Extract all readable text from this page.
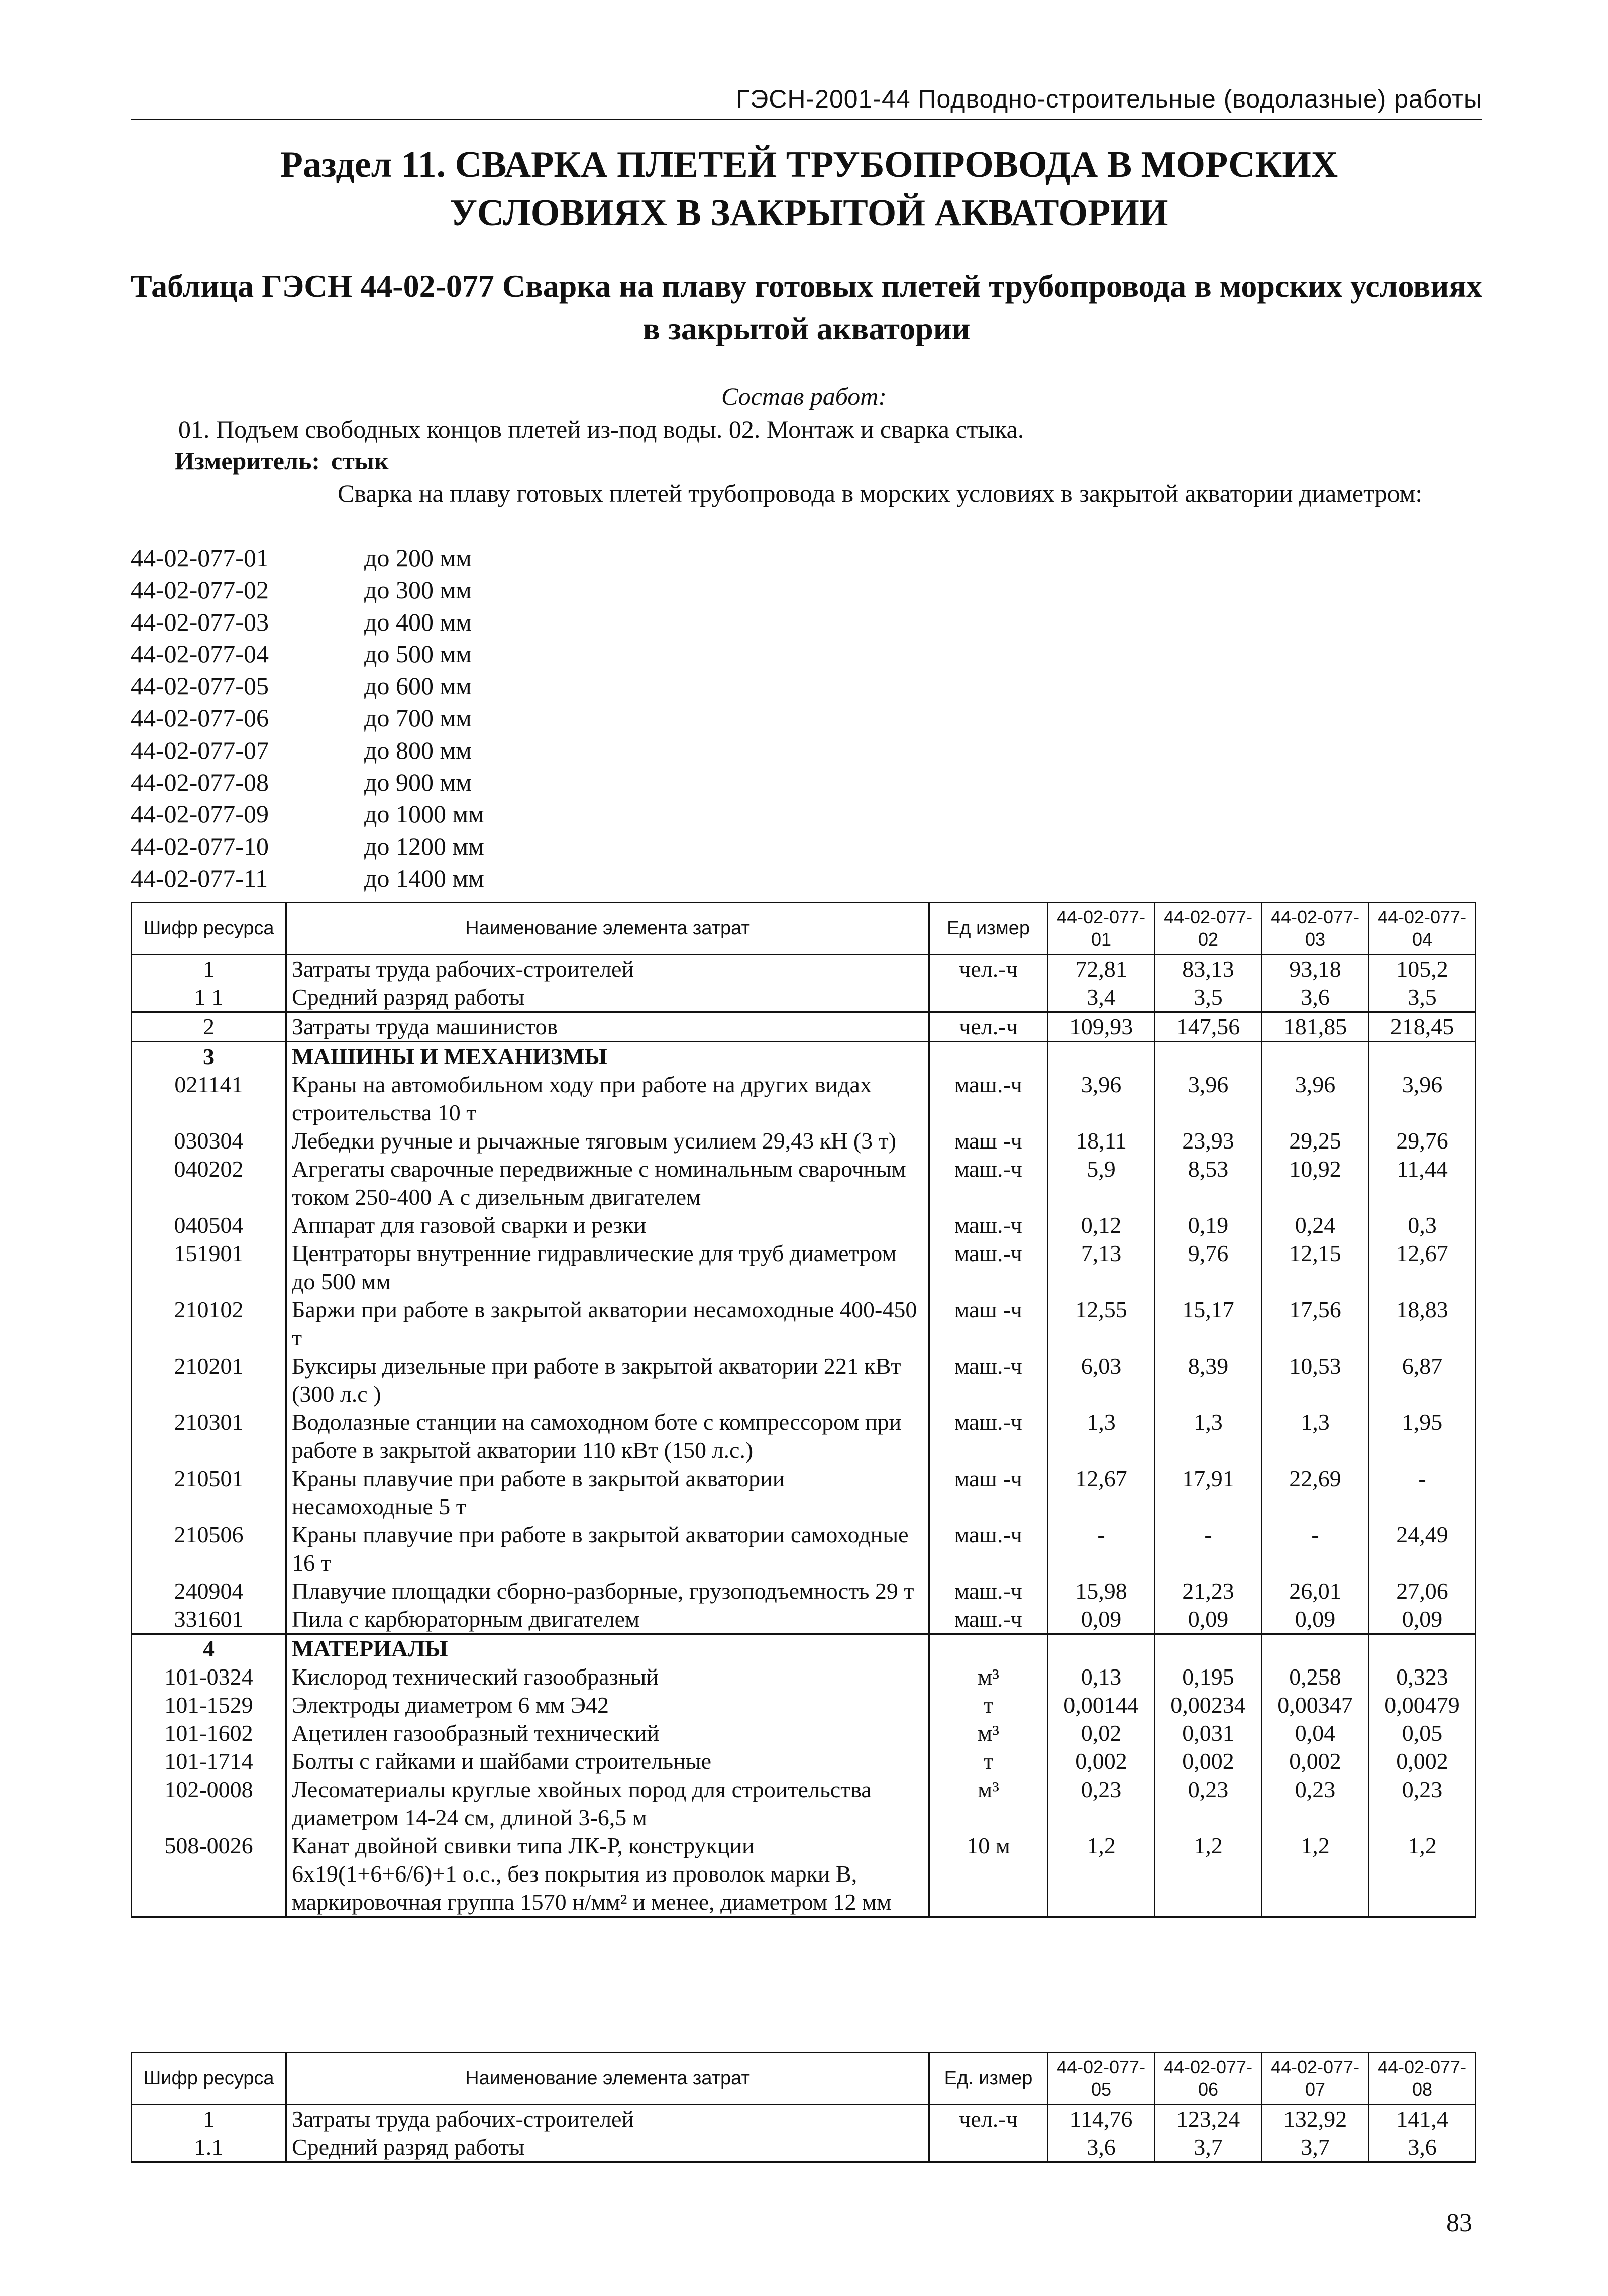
ГЭСН-2001-44 Подводно-строительные (водолазные) работы
Раздел 11. СВАРКА ПЛЕТЕЙ ТРУБОПРОВОДА В МОРСКИХ УСЛОВИЯХ В ЗАКРЫТОЙ АКВАТОРИИ
Таблица ГЭСН 44-02-077 Сварка на плаву готовых плетей трубопровода в морских условиях в закрытой акватории
Состав работ:
01. Подъем свободных концов плетей из-под воды. 02. Монтаж и сварка стыка.
Измеритель: стык
Сварка на плаву готовых плетей трубопровода в морских условиях в закрытой акватории диаметром:
44-02-077-01	до 200 мм
44-02-077-02	до 300 мм
44-02-077-03	до 400 мм
44-02-077-04	до 500 мм
44-02-077-05	до 600 мм
44-02-077-06	до 700 мм
44-02-077-07	до 800 мм
44-02-077-08	до 900 мм
44-02-077-09	до 1000 мм
44-02-077-10	до 1200 мм
44-02-077-11	до 1400 мм
Шифр ресурса	Наименование элемента затрат	Ед измер	44-02-077-01	44-02-077-02	44-02-077-03	44-02-077-04
1	Затраты труда рабочих-строителей	чел.-ч	72,81	83,13	93,18	105,2
1 1	Средний разряд работы		3,4	3,5	3,6	3,5
2	Затраты труда машинистов	чел.-ч	109,93	147,56	181,85	218,45
3	МАШИНЫ И МЕХАНИЗМЫ					
021141	Краны на автомобильном ходу при работе на других видах строительства 10 т	маш.-ч	3,96	3,96	3,96	3,96
030304	Лебедки ручные и рычажные тяговым усилием 29,43 кН (3 т)	маш -ч	18,11	23,93	29,25	29,76
040202	Агрегаты сварочные передвижные с номинальным сварочным током 250-400 А с дизельным двигателем	маш.-ч	5,9	8,53	10,92	11,44
040504	Аппарат для газовой сварки и резки	маш.-ч	0,12	0,19	0,24	0,3
151901	Центраторы внутренние гидравлические для труб диаметром до 500 мм	маш.-ч	7,13	9,76	12,15	12,67
210102	Баржи при работе в закрытой акватории несамоходные 400-450 т	маш -ч	12,55	15,17	17,56	18,83
210201	Буксиры дизельные при работе в закрытой акватории 221 кВт (300 л.с )	маш.-ч	6,03	8,39	10,53	6,87
210301	Водолазные станции на самоходном боте с компрессором при работе в закрытой акватории 110 кВт (150 л.с.)	маш.-ч	1,3	1,3	1,3	1,95
210501	Краны плавучие при работе в закрытой акватории несамоходные 5 т	маш -ч	12,67	17,91	22,69	-
210506	Краны плавучие при работе в закрытой акватории самоходные 16 т	маш.-ч	-	-	-	24,49
240904	Плавучие площадки сборно-разборные, грузоподъемность 29 т	маш.-ч	15,98	21,23	26,01	27,06
331601	Пила с карбюраторным двигателем	маш.-ч	0,09	0,09	0,09	0,09
4	МАТЕРИАЛЫ					
101-0324	Кислород технический газообразный	м³	0,13	0,195	0,258	0,323
101-1529	Электроды диаметром 6 мм Э42	т	0,00144	0,00234	0,00347	0,00479
101-1602	Ацетилен газообразный технический	м³	0,02	0,031	0,04	0,05
101-1714	Болты с гайками и шайбами строительные	т	0,002	0,002	0,002	0,002
102-0008	Лесоматериалы круглые хвойных пород для строительства диаметром 14-24 см, длиной 3-6,5 м	м³	0,23	0,23	0,23	0,23
508-0026	Канат двойной свивки типа ЛК-Р, конструкции 6х19(1+6+6/6)+1 о.с., без покрытия из проволок марки В, маркировочная группа 1570 н/мм² и менее, диаметром 12 мм	10 м	1,2	1,2	1,2	1,2
Шифр ресурса	Наименование элемента затрат	Ед. измер	44-02-077-05	44-02-077-06	44-02-077-07	44-02-077-08
1	Затраты труда рабочих-строителей	чел.-ч	114,76	123,24	132,92	141,4
1.1	Средний разряд работы		3,6	3,7	3,7	3,6
83
